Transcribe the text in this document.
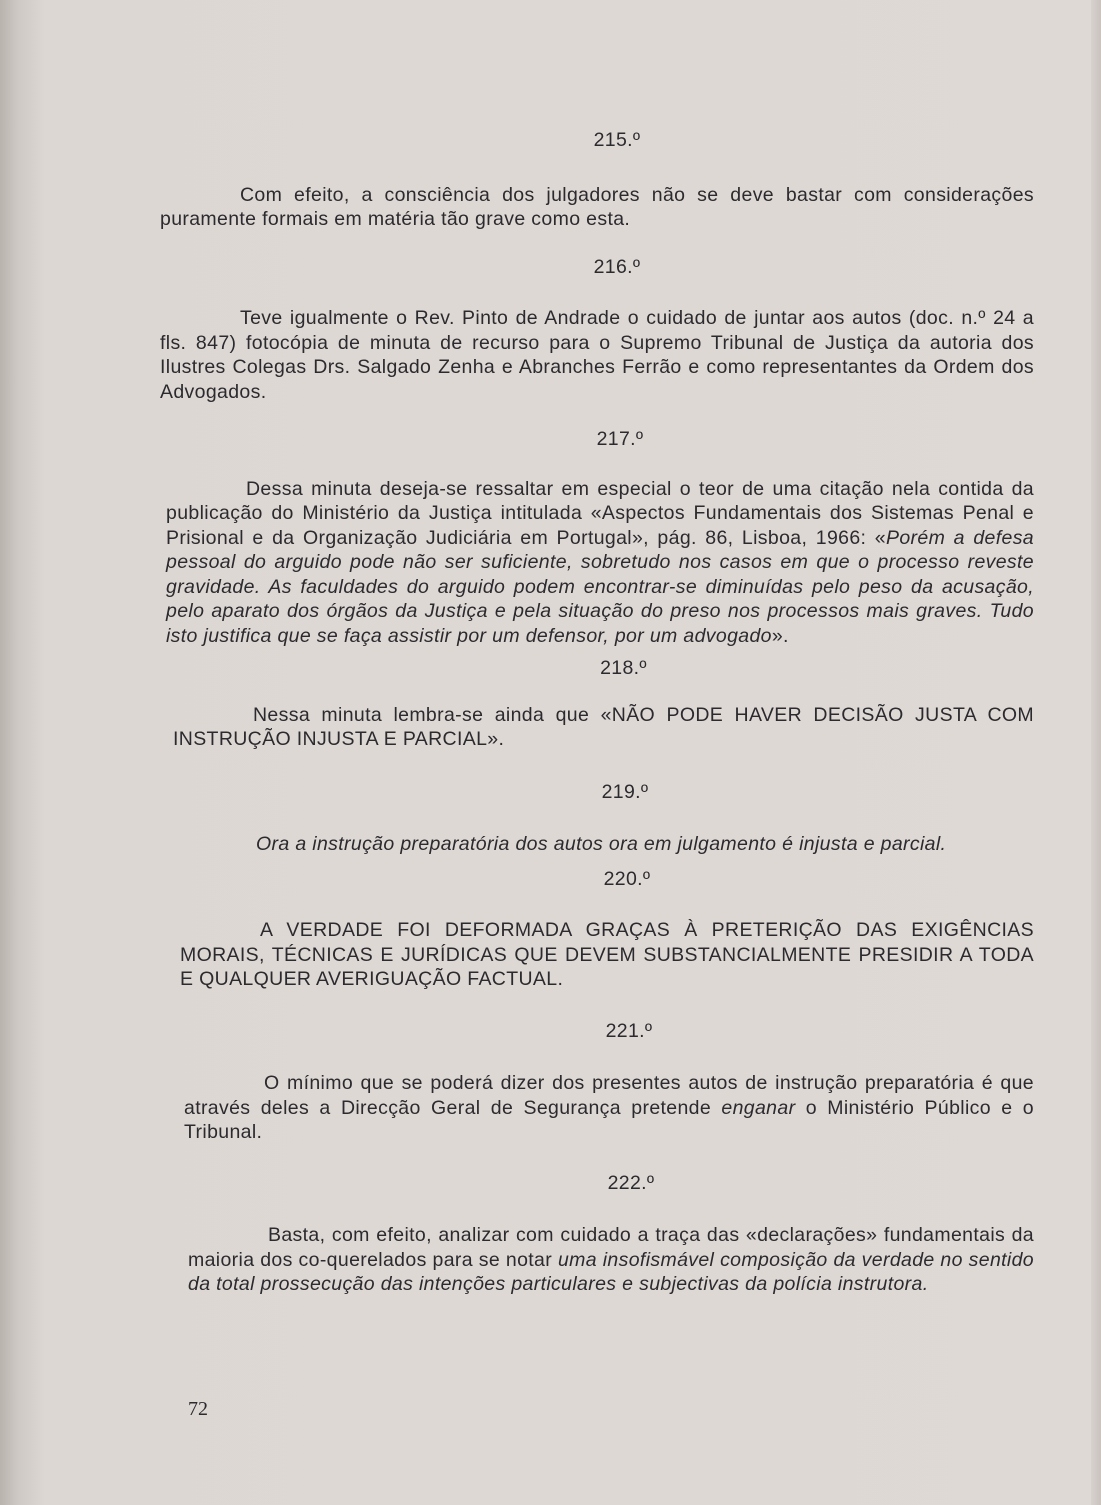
215.º

Com efeito, a consciência dos julgadores não se deve bastar com considerações puramente formais em matéria tão grave como esta.

216.º

Teve igualmente o Rev. Pinto de Andrade o cuidado de juntar aos autos (doc. n.º 24 a fls. 847) fotocópia de minuta de recurso para o Supremo Tribunal de Justiça da autoria dos Ilustres Colegas Drs. Salgado Zenha e Abranches Ferrão e como representantes da Ordem dos Advogados.

217.º

Dessa minuta deseja-se ressaltar em especial o teor de uma citação nela contida da publicação do Ministério da Justiça intitulada «Aspectos Fundamentais dos Sistemas Penal e Prisional e da Organização Judiciária em Portugal», pág. 86, Lisboa, 1966: «Porém a defesa pessoal do arguido pode não ser suficiente, sobretudo nos casos em que o processo reveste gravidade. As faculdades do arguido podem encontrar-se diminuídas pelo peso da acusação, pelo aparato dos órgãos da Justiça e pela situação do preso nos processos mais graves. Tudo isto justifica que se faça assistir por um defensor, por um advogado».

218.º

Nessa minuta lembra-se ainda que «NÃO PODE HAVER DECISÃO JUSTA COM INSTRUÇÃO INJUSTA E PARCIAL».

219.º

Ora a instrução preparatória dos autos ora em julgamento é injusta e parcial.

220.º

A VERDADE FOI DEFORMADA GRAÇAS À PRETERIÇÃO DAS EXIGÊNCIAS MORAIS, TÉCNICAS E JURÍDICAS QUE DEVEM SUBSTANCIALMENTE PRESIDIR A TODA E QUALQUER AVERIGUAÇÃO FACTUAL.

221.º

O mínimo que se poderá dizer dos presentes autos de instrução preparatória é que através deles a Direcção Geral de Segurança pretende enganar o Ministério Público e o Tribunal.

222.º

Basta, com efeito, analizar com cuidado a traça das «declarações» fundamentais da maioria dos co-querelados para se notar uma insofismável composição da verdade no sentido da total prossecução das intenções particulares e subjectivas da polícia instrutora.

72
